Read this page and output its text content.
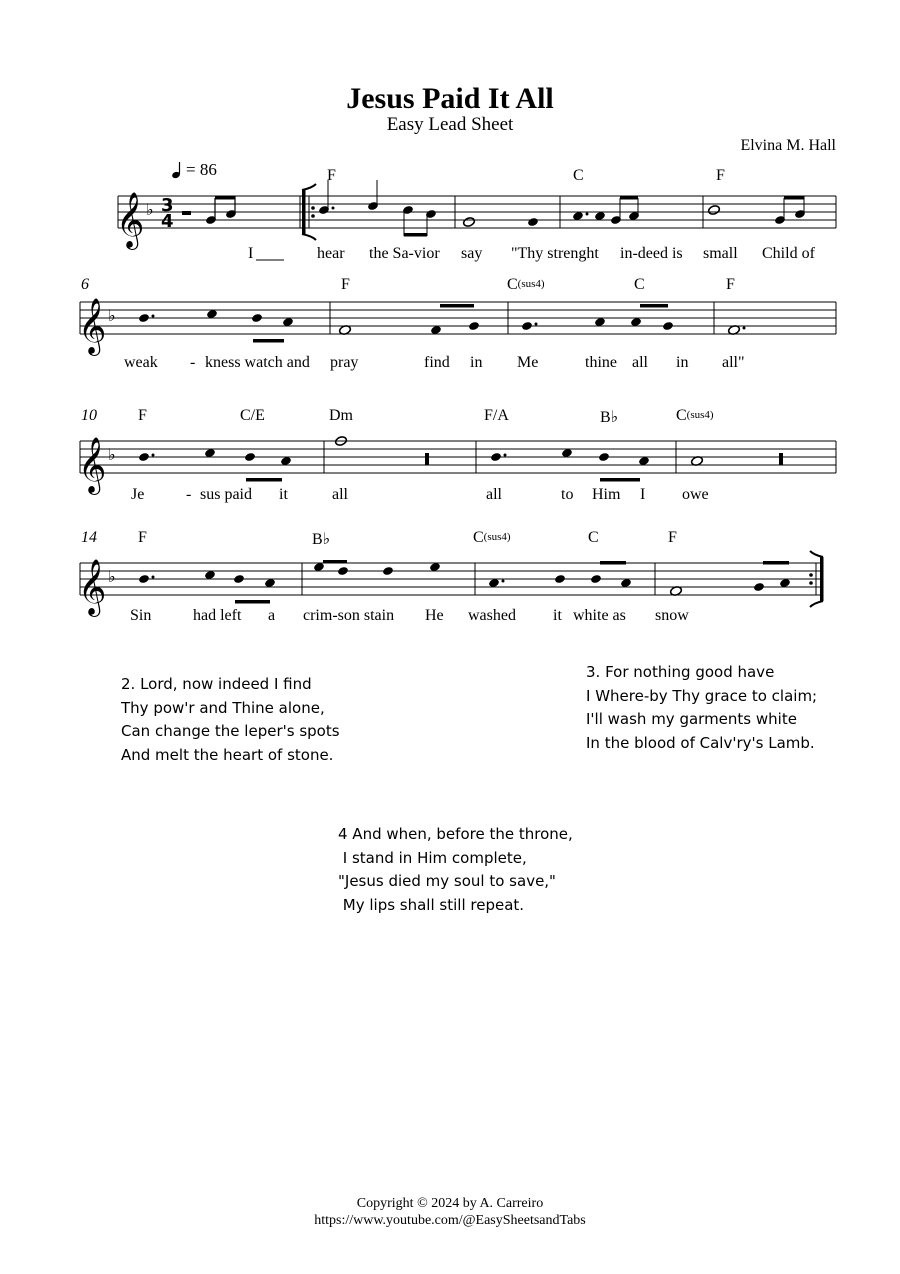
Jesus Paid It All
Easy Lead Sheet
Elvina M. Hall
= 86
𝄞
𝄞
𝄞
𝄞
♭
♭
♭
♭
3
4
6
10
14
F	C	F
F	$C^{(sus4)}$	C	F
F	C/E	Dm	F/A	B♭	$C^{(sus4)}$
F	B♭	$C^{(sus4)}$	C	F
I	hear the Sa-vior say "Thy strenght in-deed is small Child of
weak - kness watch and pray	find in Me	thine all in all"
Je	- sus paid it	all	all	to Him I owe
Sin	had left a crim-son stain He washed it white as snow
2. Lord, now indeed I find
Thy pow'r and Thine alone,
Can change the leper's spots
And melt the heart of stone.
3. For nothing good have
I Where-by Thy grace to claim;
I'll wash my garments white
In the blood of Calv'ry's Lamb.
4 And when, before the throne,
I stand in Him complete,
"Jesus died my soul to save,"
My lips shall still repeat.
Copyright © 2024 by A. Carreiro
https://www.youtube.com/@EasySheetsandTabs
